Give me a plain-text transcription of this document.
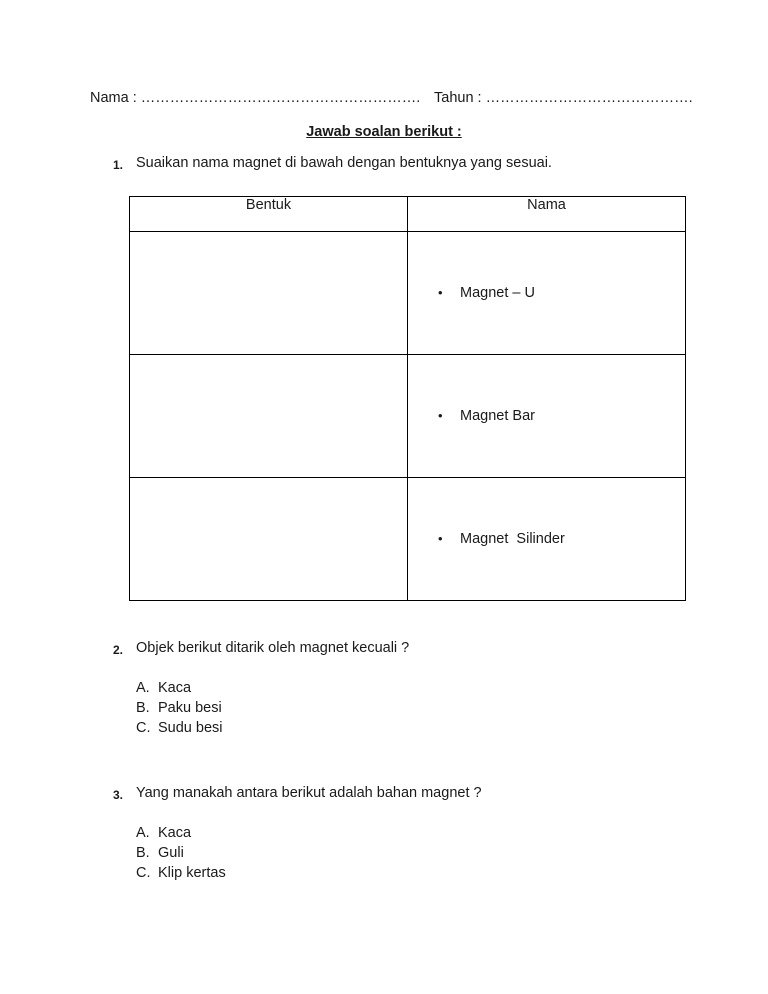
Nama : …………………………………………………. Tahun : …………………………………….
Jawab soalan berikut :
1. Suaikan nama magnet di bawah dengan bentuknya yang sesuai.
Bentuk	Nama
	• Magnet – U
	• Magnet Bar
	• Magnet  Silinder
2. Objek berikut ditarik oleh magnet kecuali ?
A. Kaca
B. Paku besi
C. Sudu besi
3. Yang manakah antara berikut adalah bahan magnet ?
A. Kaca
B. Guli
C. Klip kertas
